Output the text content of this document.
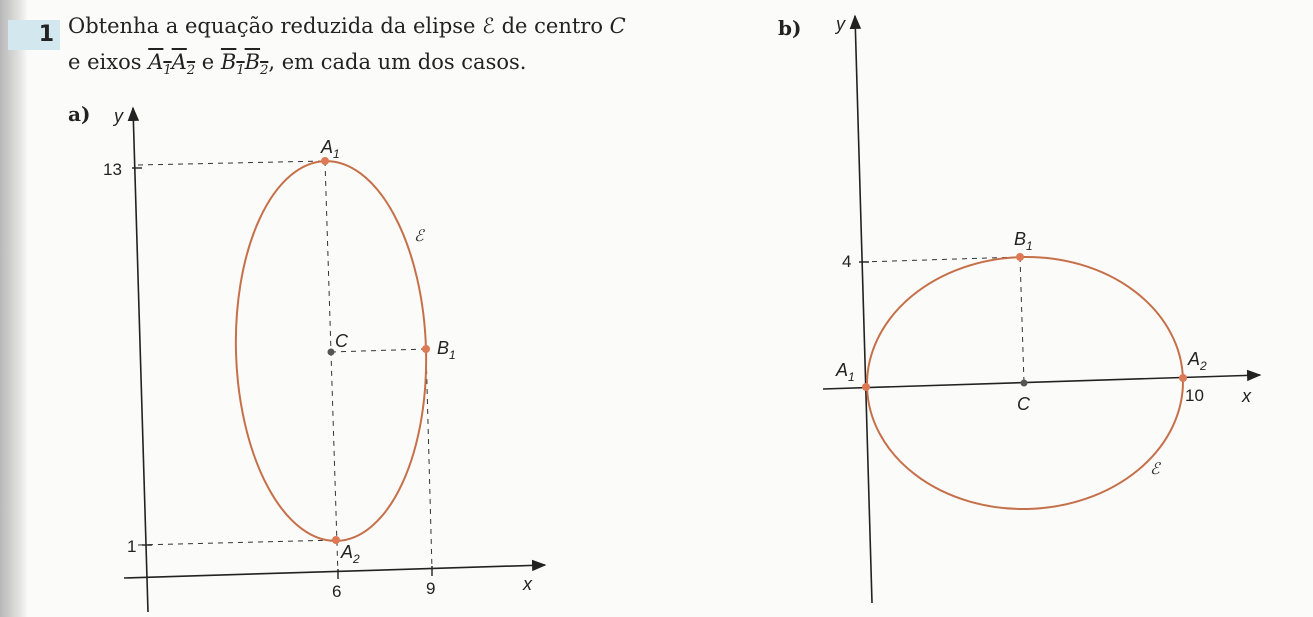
1 Obtenha a equação reduzida da elipse ℰ de centro C
e eixos $A_1A_2$ e $B_1B_2$, em cada um dos casos.
a)
b)
y
x
13
1
6	9
$A_1$
$A_2$
$B_1$
C
ℰ
y
x
4
10
$A_1$
$A_2$
$B_1$
C
ℰ
